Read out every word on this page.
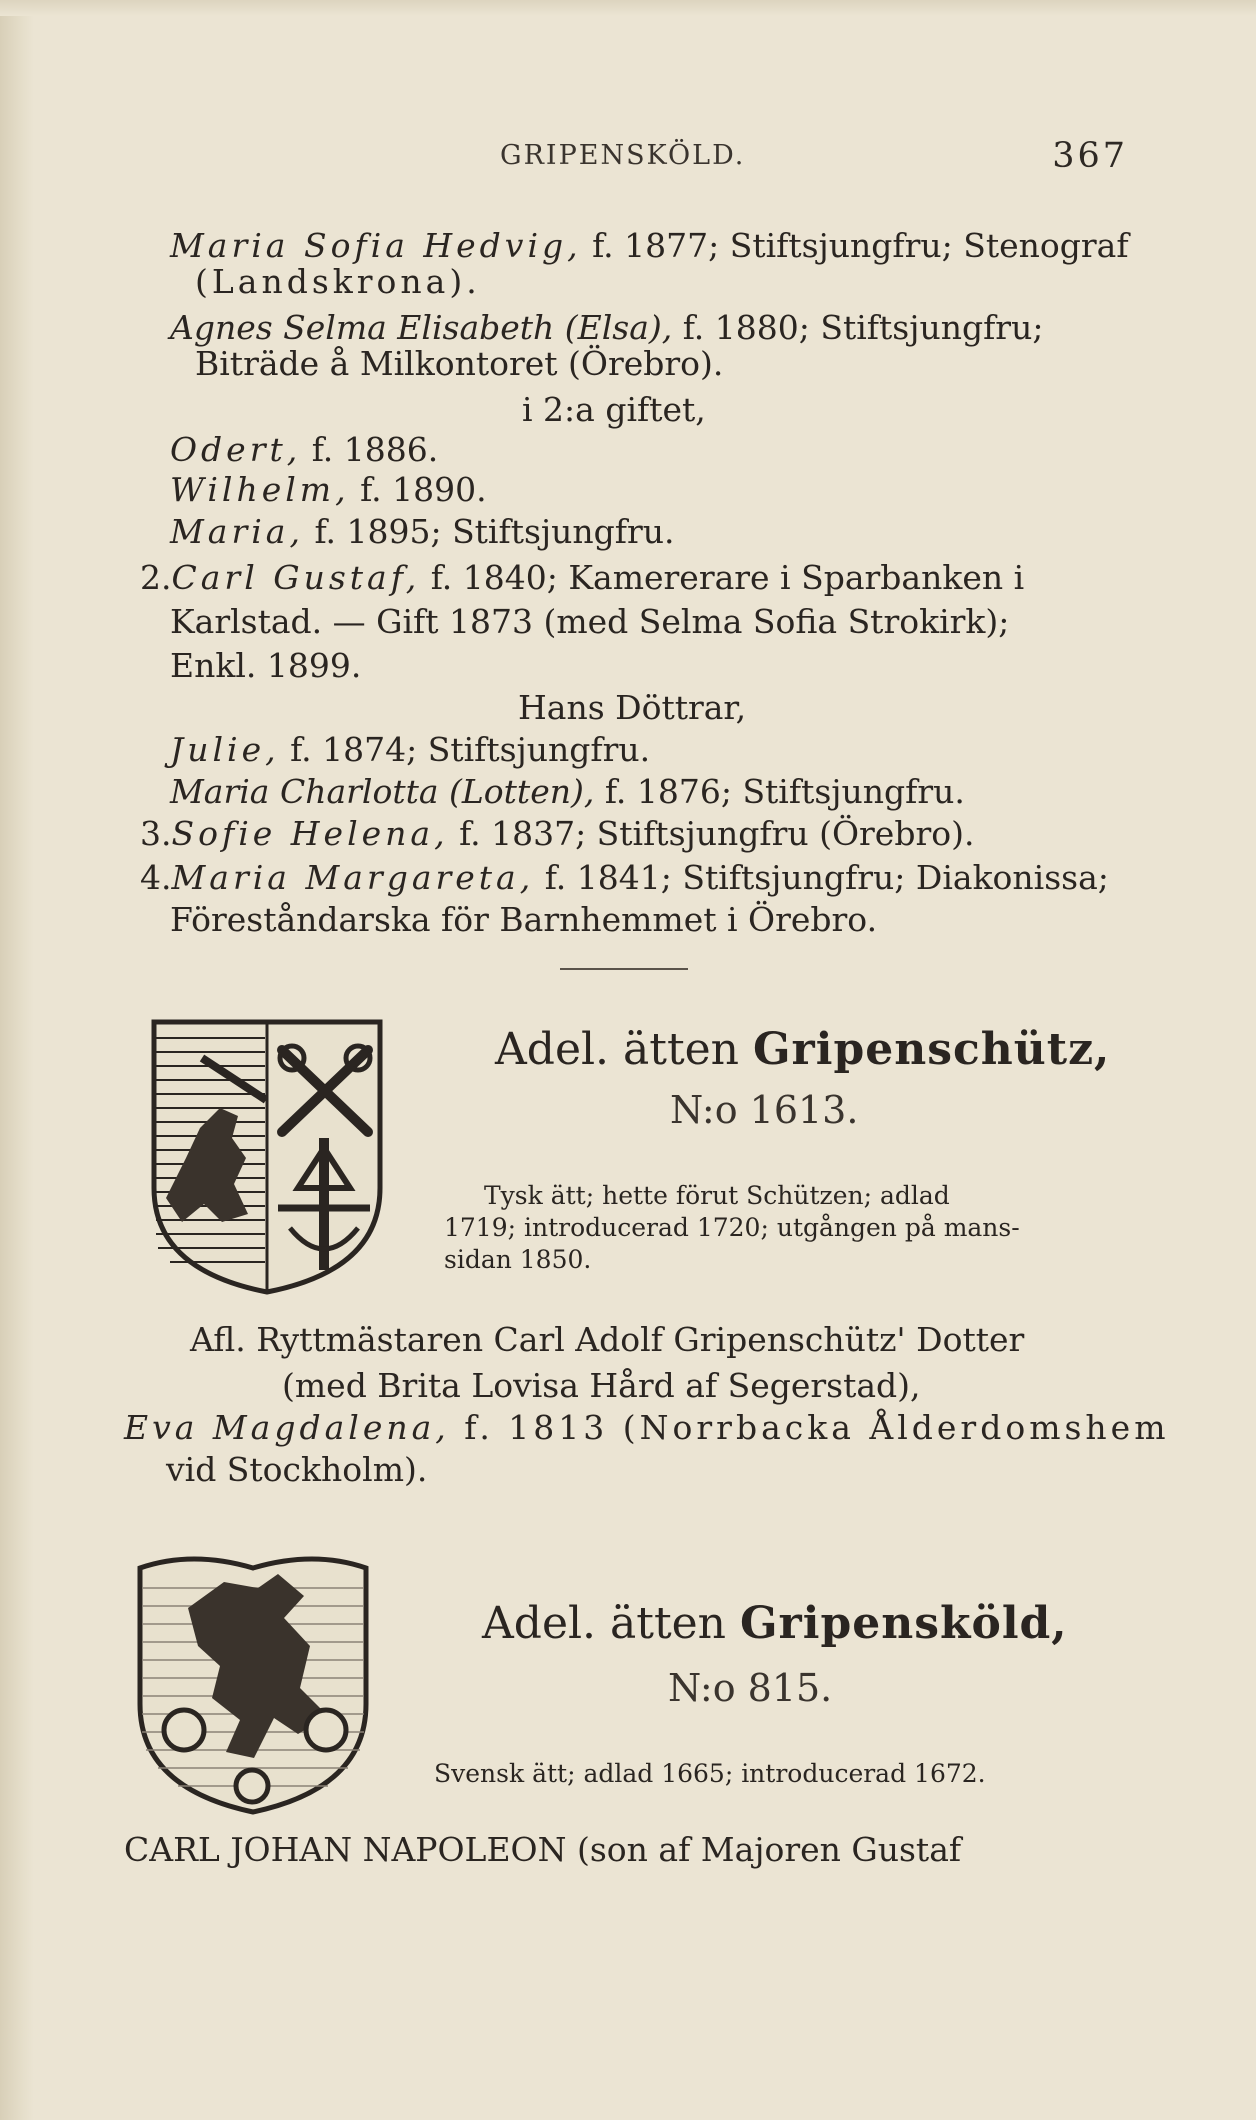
GRIPENSKÖLD.	367
Maria Sofia Hedvig, f. 1877; Stiftsjungfru; Stenograf
(Landskrona).
Agnes Selma Elisabeth (Elsa), f. 1880; Stiftsjungfru;
Biträde å Milkontoret (Örebro).
i 2:a giftet,
Odert, f. 1886.
Wilhelm, f. 1890.
Maria, f. 1895; Stiftsjungfru.
2.Carl Gustaf, f. 1840; Kamererare i Sparbanken i
Karlstad. — Gift 1873 (med Selma Sofia Strokirk);
Enkl. 1899.
Hans Döttrar,
Julie, f. 1874; Stiftsjungfru.
Maria Charlotta (Lotten), f. 1876; Stiftsjungfru.
3.Sofie Helena, f. 1837; Stiftsjungfru (Örebro).
4.Maria Margareta, f. 1841; Stiftsjungfru; Diakonissa;
Föreståndarska för Barnhemmet i Örebro.
Adel. ätten Gripenschütz,
N:o 1613.
Tysk ätt; hette förut Schützen; adlad
1719; introducerad 1720; utgången på mans-
sidan 1850.
Afl. Ryttmästaren Carl Adolf Gripenschütz' Dotter
(med Brita Lovisa Hård af Segerstad),
Eva Magdalena, f. 1813 (Norrbacka Ålderdomshem
vid Stockholm).
Adel. ätten Gripensköld,
N:o 815.
Svensk ätt; adlad 1665; introducerad 1672.
CARL JOHAN NAPOLEON (son af Majoren Gustaf
